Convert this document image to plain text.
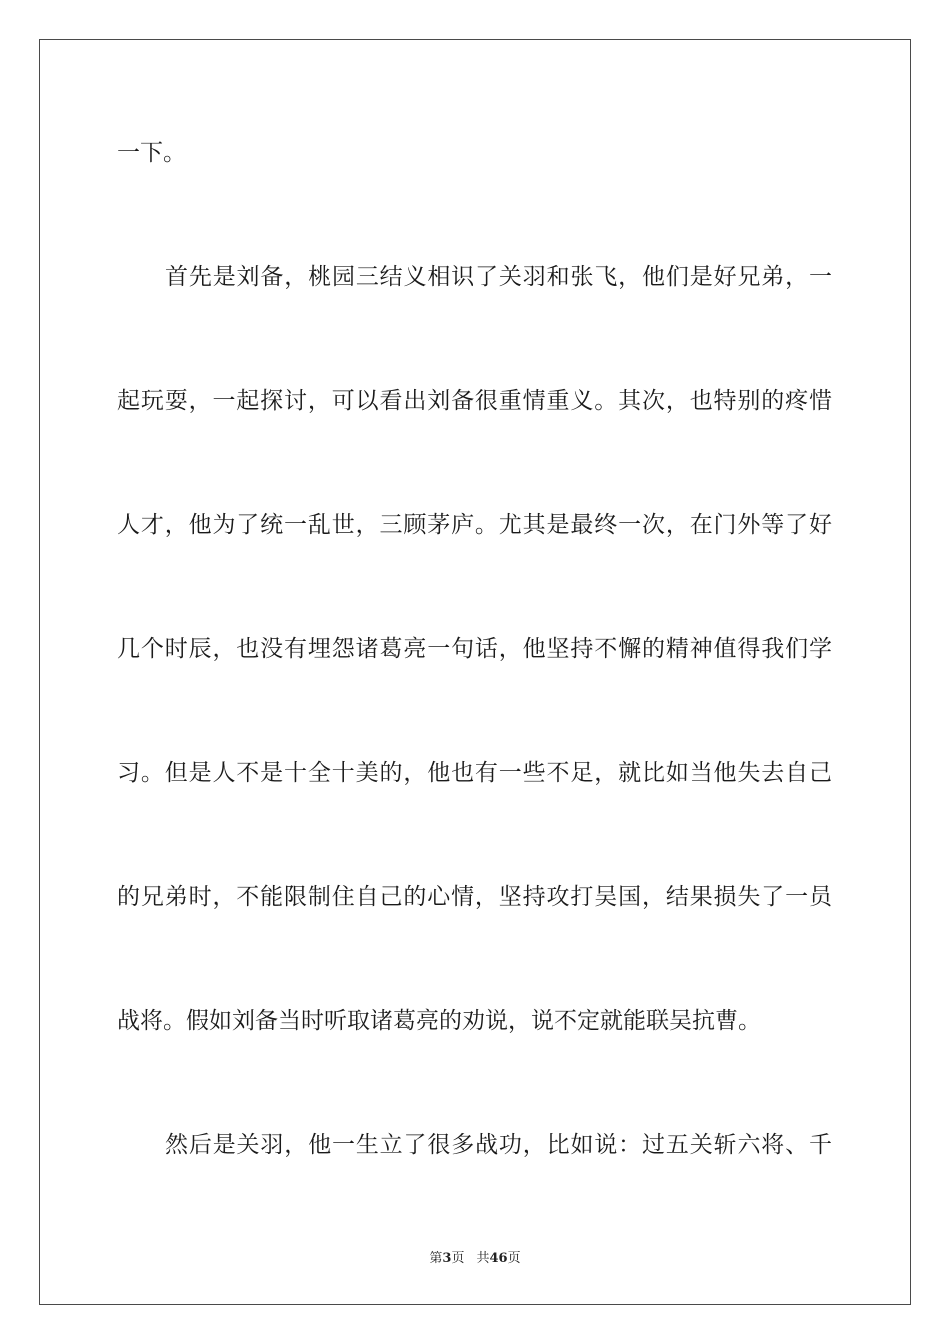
一下。
首先是刘备，桃园三结义相识了关羽和张飞，他们是好兄弟，一
起玩耍，一起探讨，可以看出刘备很重情重义。其次，也特别的疼惜
人才，他为了统一乱世，三顾茅庐。尤其是最终一次，在门外等了好
几个时辰，也没有埋怨诸葛亮一句话，他坚持不懈的精神值得我们学
习。但是人不是十全十美的，他也有一些不足，就比如当他失去自己
的兄弟时，不能限制住自己的心情，坚持攻打吴国，结果损失了一员
战将。假如刘备当时听取诸葛亮的劝说，说不定就能联吴抗曹。
然后是关羽，他一生立了很多战功，比如说：过五关斩六将、千
第3页 共46页
